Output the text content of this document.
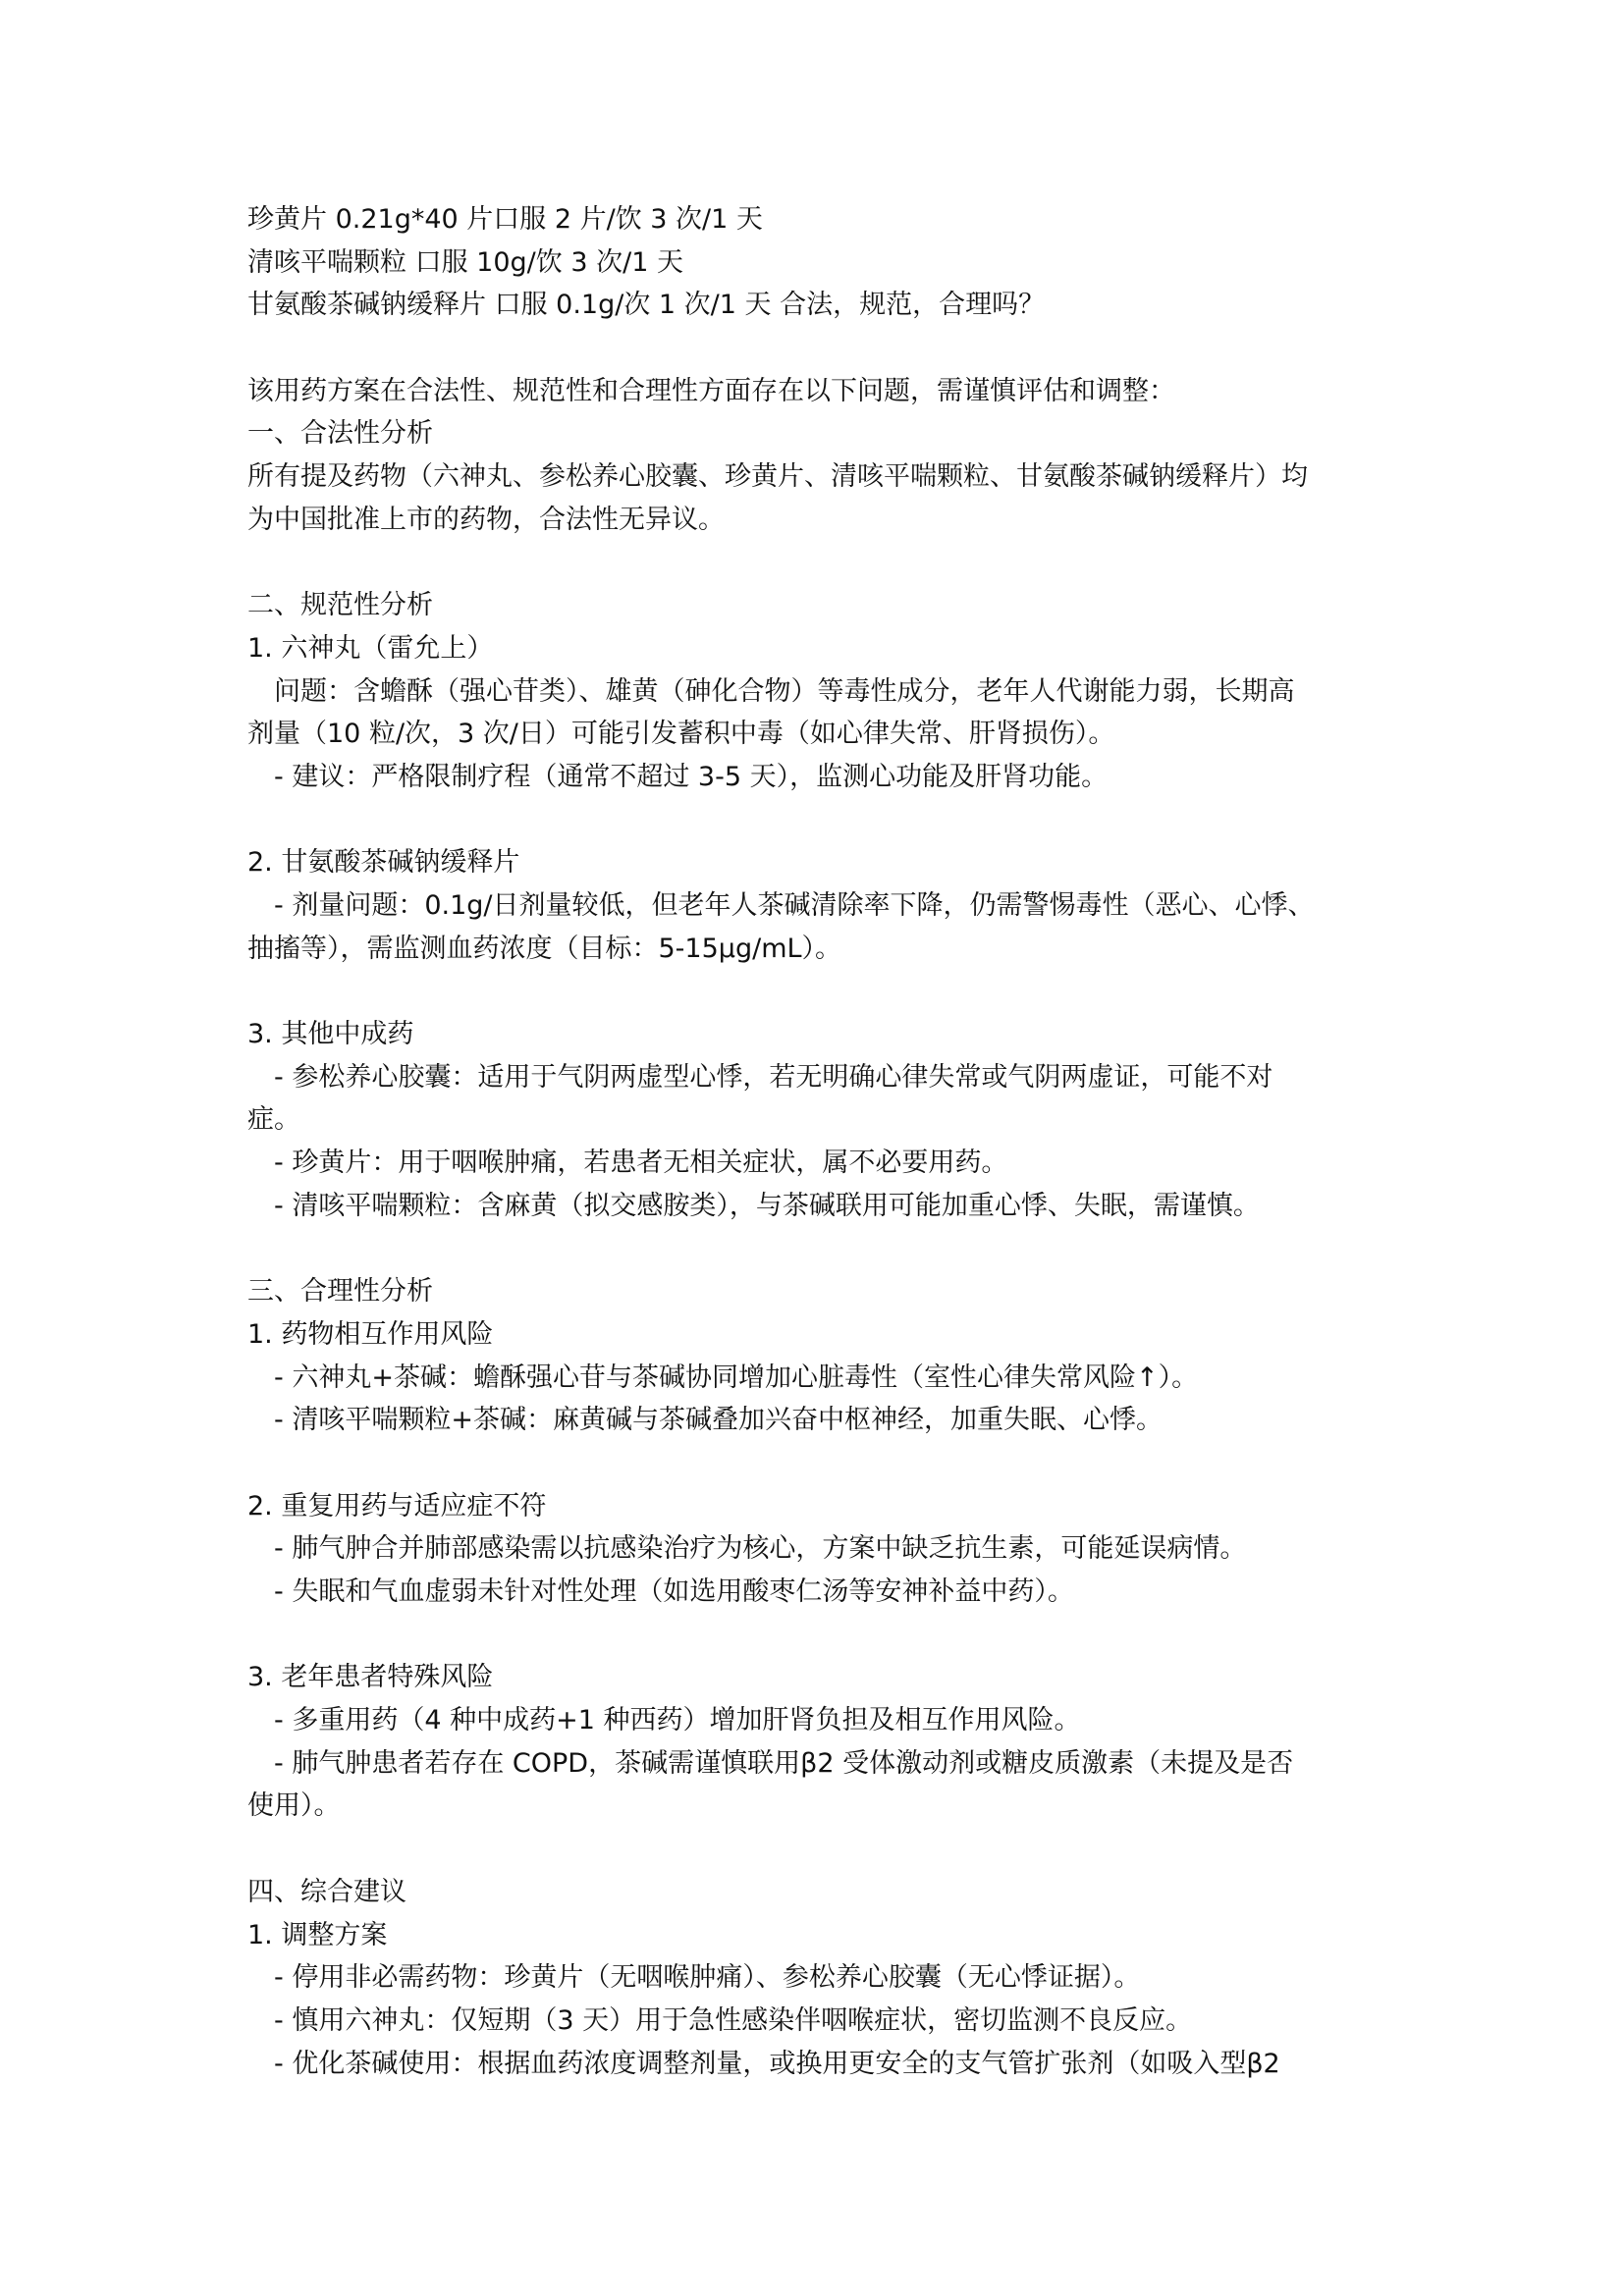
珍黄片 0.21g*40 片口服 2 片/饮 3 次/1 天
清咳平喘颗粒 口服 10g/饮 3 次/1 天
甘氨酸茶碱钠缓释片 口服 0.1g/次 1 次/1 天 合法，规范，合理吗？
该用药方案在合法性、规范性和合理性方面存在以下问题，需谨慎评估和调整：
一、合法性分析
所有提及药物（六神丸、参松养心胶囊、珍黄片、清咳平喘颗粒、甘氨酸茶碱钠缓释片）均
为中国批准上市的药物，合法性无异议。
二、规范性分析
1. 六神丸（雷允上）
　问题：含蟾酥（强心苷类）、雄黄（砷化合物）等毒性成分，老年人代谢能力弱，长期高
剂量（10 粒/次，3 次/日）可能引发蓄积中毒（如心律失常、肝肾损伤）。
　- 建议：严格限制疗程（通常不超过 3-5 天），监测心功能及肝肾功能。
2. 甘氨酸茶碱钠缓释片
　- 剂量问题：0.1g/日剂量较低，但老年人茶碱清除率下降，仍需警惕毒性（恶心、心悸、
抽搐等），需监测血药浓度（目标：5-15μg/mL）。
3. 其他中成药
　- 参松养心胶囊：适用于气阴两虚型心悸，若无明确心律失常或气阴两虚证，可能不对
症。
　- 珍黄片：用于咽喉肿痛，若患者无相关症状，属不必要用药。
　- 清咳平喘颗粒：含麻黄（拟交感胺类），与茶碱联用可能加重心悸、失眠，需谨慎。
三、合理性分析
1. 药物相互作用风险
　- 六神丸+茶碱：蟾酥强心苷与茶碱协同增加心脏毒性（室性心律失常风险↑）。
　- 清咳平喘颗粒+茶碱：麻黄碱与茶碱叠加兴奋中枢神经，加重失眠、心悸。
2. 重复用药与适应症不符
　- 肺气肿合并肺部感染需以抗感染治疗为核心，方案中缺乏抗生素，可能延误病情。
　- 失眠和气血虚弱未针对性处理（如选用酸枣仁汤等安神补益中药）。
3. 老年患者特殊风险
　- 多重用药（4 种中成药+1 种西药）增加肝肾负担及相互作用风险。
　- 肺气肿患者若存在 COPD，茶碱需谨慎联用β2 受体激动剂或糖皮质激素（未提及是否
使用）。
四、综合建议
1. 调整方案
　- 停用非必需药物：珍黄片（无咽喉肿痛）、参松养心胶囊（无心悸证据）。
　- 慎用六神丸：仅短期（3 天）用于急性感染伴咽喉症状，密切监测不良反应。
　- 优化茶碱使用：根据血药浓度调整剂量，或换用更安全的支气管扩张剂（如吸入型β2
